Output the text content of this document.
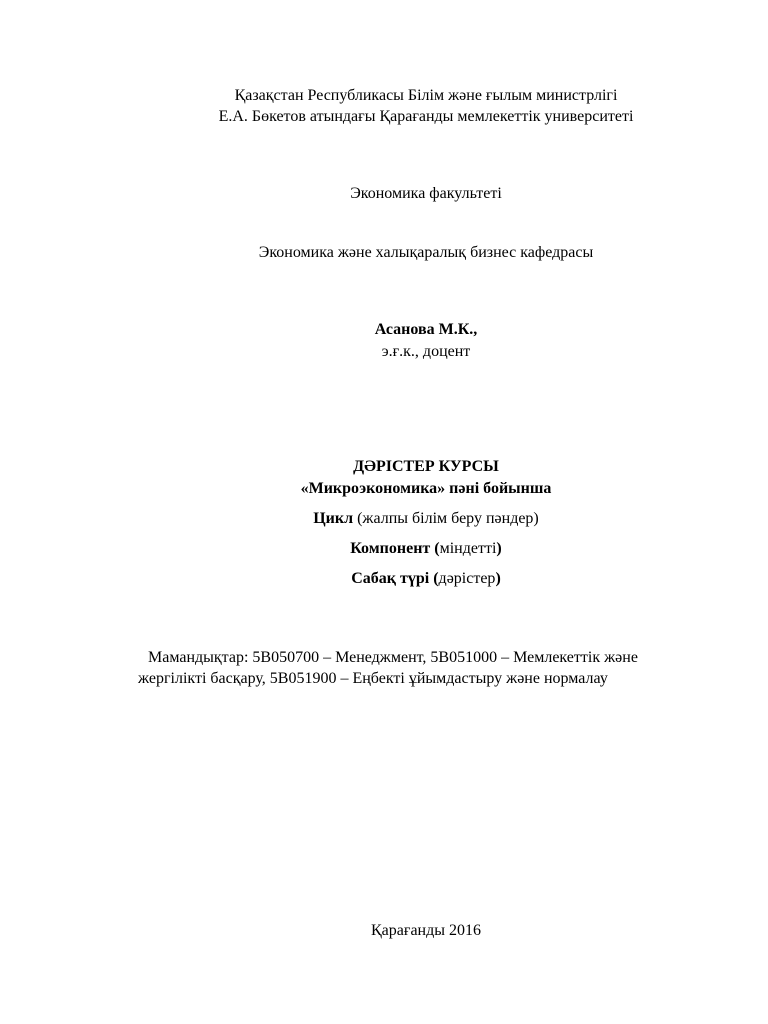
Қазақстан Республикасы Білім және ғылым министрлігі
Е.А. Бөкетов атындағы Қарағанды мемлекеттік университеті
Экономика факультеті
Экономика және халықаралық бизнес кафедрасы
Асанова М.К.,
э.ғ.к., доцент
ДӘРІСТЕР КУРСЫ
«Микроэкономика» пәні бойынша
Цикл (жалпы білім беру пәндер)
Компонент (міндетті)
Сабақ түрі (дәрістер)
Мамандықтар: 5В050700 – Менеджмент, 5В051000 – Мемлекеттік және
жергілікті басқару, 5В051900 – Еңбекті ұйымдастыру және нормалау
Қарағанды 2016
